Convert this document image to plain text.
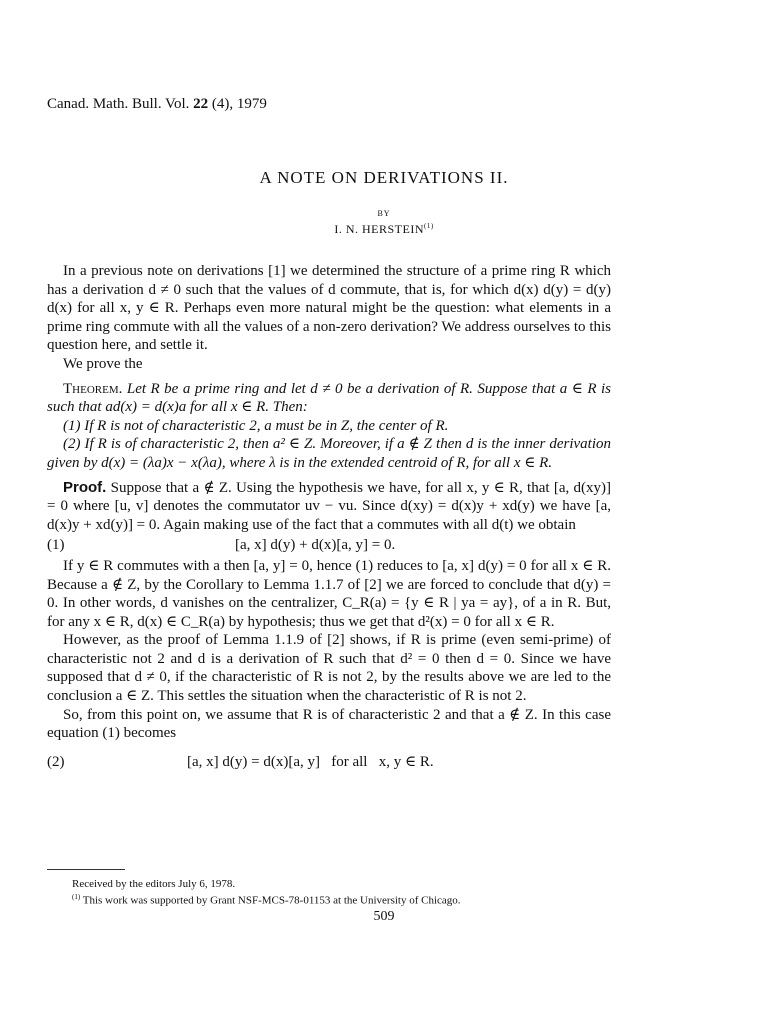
Canad. Math. Bull. Vol. 22 (4), 1979
A NOTE ON DERIVATIONS II.
BY
I. N. HERSTEIN$^{(1)}$

In a previous note on derivations [1] we determined the structure of a prime ring R which has a derivation d ≠ 0 such that the values of d commute, that is, for which d(x) d(y) = d(y) d(x) for all x, y ∈ R. Perhaps even more natural might be the question: what elements in a prime ring commute with all the values of a non-zero derivation? We address ourselves to this question here, and settle it.

We prove the

Theorem. Let R be a prime ring and let d ≠ 0 be a derivation of R. Suppose that a ∈ R is such that ad(x) = d(x)a for all x ∈ R. Then:

(1) If R is not of characteristic 2, a must be in Z, the center of R.

(2) If R is of characteristic 2, then a² ∈ Z. Moreover, if a ∉ Z then d is the inner derivation given by d(x) = (λa)x − x(λa), where λ is in the extended centroid of R, for all x ∈ R.

Proof. Suppose that a ∉ Z. Using the hypothesis we have, for all x, y ∈ R, that [a, d(xy)] = 0 where [u, v] denotes the commutator uv − vu. Since d(xy) = d(x)y + xd(y) we have [a, d(x)y + xd(y)] = 0. Again making use of the fact that a commutes with all d(t) we obtain

(1)	[a, x] d(y) + d(x)[a, y] = 0.

If y ∈ R commutes with a then [a, y] = 0, hence (1) reduces to [a, x] d(y) = 0 for all x ∈ R. Because a ∉ Z, by the Corollary to Lemma 1.1.7 of [2] we are forced to conclude that d(y) = 0. In other words, d vanishes on the centralizer, C_R(a) = {y ∈ R | ya = ay}, of a in R. But, for any x ∈ R, d(x) ∈ C_R(a) by hypothesis; thus we get that d²(x) = 0 for all x ∈ R.

However, as the proof of Lemma 1.1.9 of [2] shows, if R is prime (even semi-prime) of characteristic not 2 and d is a derivation of R such that d² = 0 then d = 0. Since we have supposed that d ≠ 0, if the characteristic of R is not 2, by the results above we are led to the conclusion a ∈ Z. This settles the situation when the characteristic of R is not 2.

So, from this point on, we assume that R is of characteristic 2 and that a ∉ Z. In this case equation (1) becomes

(2)	[a, x] d(y) = d(x)[a, y]   for all   x, y ∈ R.
Received by the editors July 6, 1978.
$^{(1)}$ This work was supported by Grant NSF-MCS-78-01153 at the University of Chicago.
509
